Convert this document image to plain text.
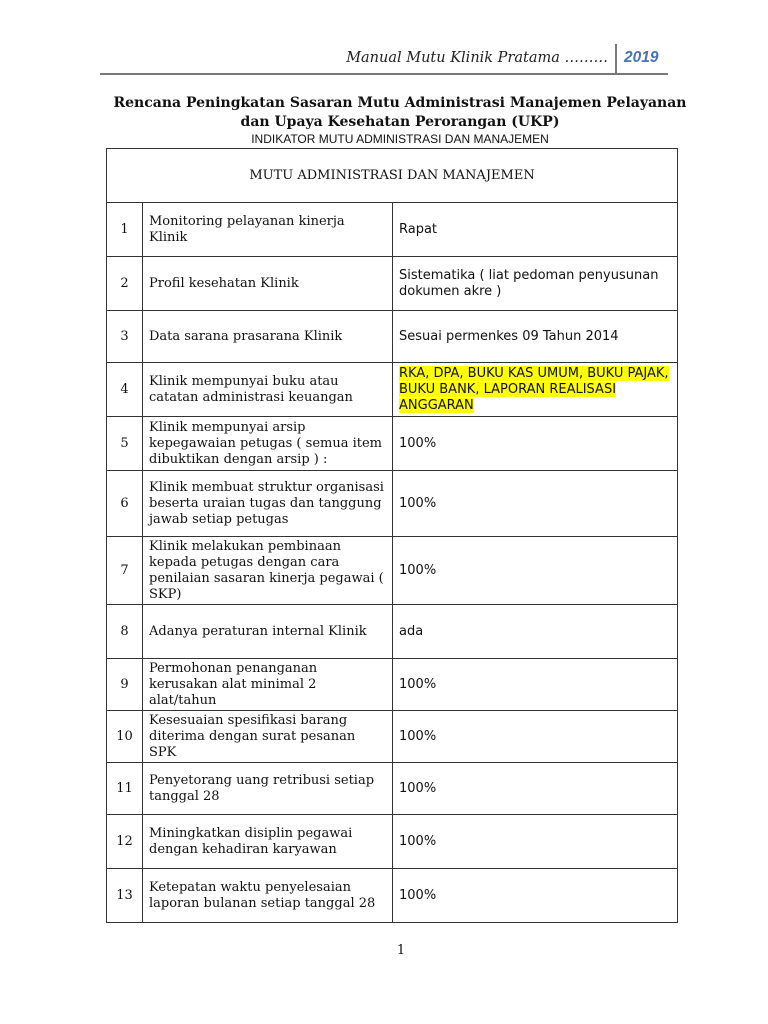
Manual Mutu Klinik Pratama ……… 2019
Rencana Peningkatan Sasaran Mutu Administrasi Manajemen Pelayanan
dan Upaya Kesehatan Perorangan (UKP)
INDIKATOR MUTU ADMINISTRASI DAN MANAJEMEN
MUTU ADMINISTRASI DAN MANAJEMEN		
1	Monitoring pelayanan kinerja Klinik	Rapat
2	Profil kesehatan Klinik	Sistematika ( liat pedoman penyusunan dokumen akre )
3	Data sarana prasarana Klinik	Sesuai permenkes 09 Tahun 2014
4	Klinik mempunyai buku atau catatan administrasi keuangan	RKA, DPA, BUKU KAS UMUM, BUKU PAJAK, BUKU BANK, LAPORAN REALISASI ANGGARAN
5	Klinik mempunyai arsip kepegawaian petugas ( semua item dibuktikan dengan arsip ) :	100%
6	Klinik membuat struktur organisasi beserta uraian tugas dan tanggung jawab setiap petugas	100%
7	Klinik melakukan pembinaan kepada petugas dengan cara penilaian sasaran kinerja pegawai ( SKP)	100%
8	Adanya peraturan internal Klinik	ada
9	Permohonan penanganan kerusakan alat minimal 2 alat/tahun	100%
10	Kesesuaian spesifikasi barang diterima dengan surat pesanan SPK	100%
11	Penyetorang uang retribusi setiap tanggal 28	100%
12	Miningkatkan disiplin pegawai dengan kehadiran karyawan	100%
13	Ketepatan waktu penyelesaian laporan bulanan setiap tanggal 28	100%
1
